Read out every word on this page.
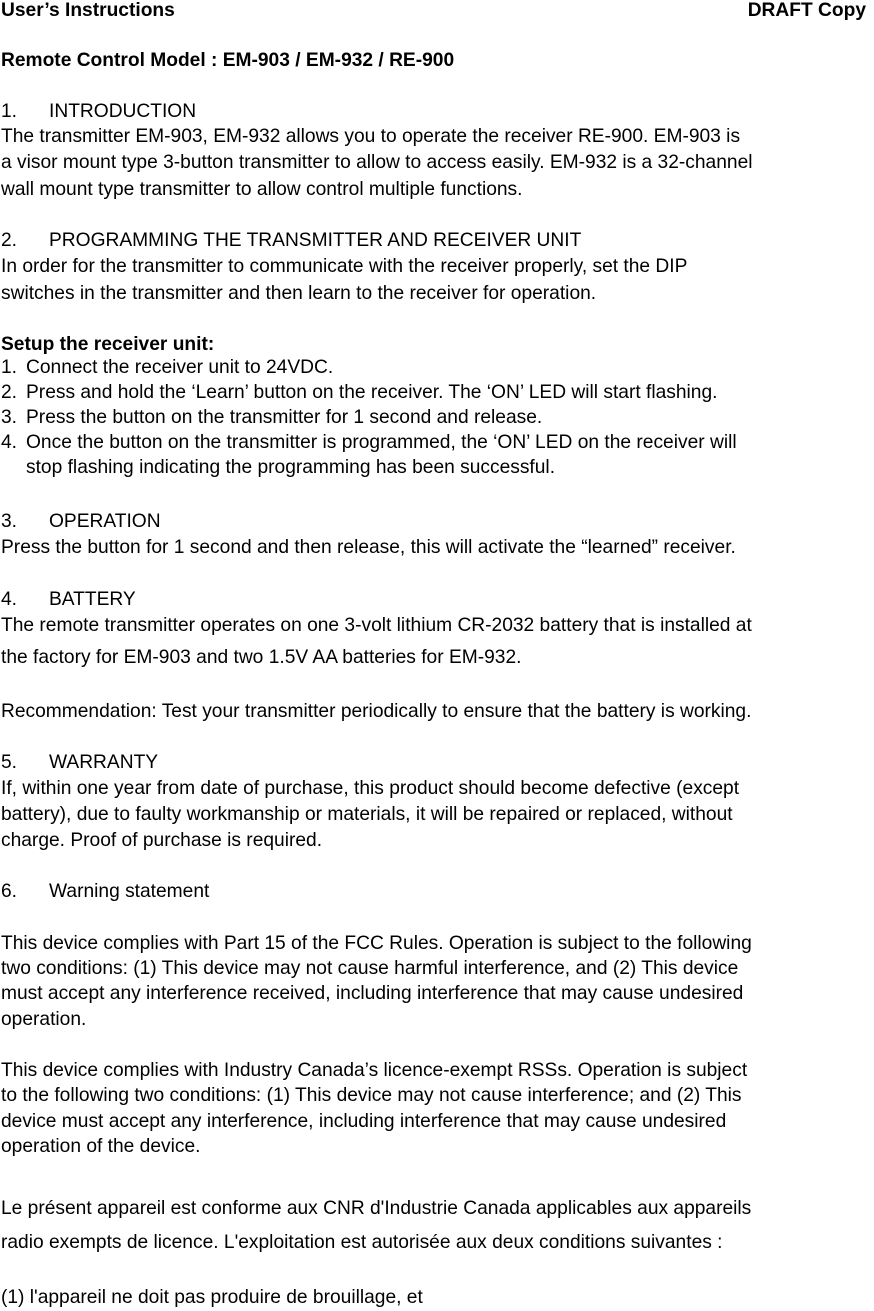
User’s Instructions	DRAFT Copy
Remote Control Model : EM-903 / EM-932 / RE-900
1. INTRODUCTION
The transmitter EM-903, EM-932 allows you to operate the receiver RE-900. EM-903 is
a visor mount type 3-button transmitter to allow to access easily. EM-932 is a 32-channel
wall mount type transmitter to allow control multiple functions.
2. PROGRAMMING THE TRANSMITTER AND RECEIVER UNIT
In order for the transmitter to communicate with the receiver properly, set the DIP
switches in the transmitter and then learn to the receiver for operation.
Setup the receiver unit:
1. Connect the receiver unit to 24VDC.
2. Press and hold the ‘Learn’ button on the receiver. The ‘ON’ LED will start flashing.
3. Press the button on the transmitter for 1 second and release.
4. Once the button on the transmitter is programmed, the ‘ON’ LED on the receiver will
stop flashing indicating the programming has been successful.
3. OPERATION
Press the button for 1 second and then release, this will activate the “learned” receiver.
4. BATTERY
The remote transmitter operates on one 3-volt lithium CR-2032 battery that is installed at
the factory for EM-903 and two 1.5V AA batteries for EM-932.
Recommendation: Test your transmitter periodically to ensure that the battery is working.
5. WARRANTY
If, within one year from date of purchase, this product should become defective (except
battery), due to faulty workmanship or materials, it will be repaired or replaced, without
charge. Proof of purchase is required.
6. Warning statement
This device complies with Part 15 of the FCC Rules. Operation is subject to the following
two conditions: (1) This device may not cause harmful interference, and (2) This device
must accept any interference received, including interference that may cause undesired
operation.
This device complies with Industry Canada’s licence-exempt RSSs. Operation is subject
to the following two conditions: (1) This device may not cause interference; and (2) This
device must accept any interference, including interference that may cause undesired
operation of the device.
Le présent appareil est conforme aux CNR d'Industrie Canada applicables aux appareils
radio exempts de licence. L'exploitation est autorisée aux deux conditions suivantes :
(1) l'appareil ne doit pas produire de brouillage, et
